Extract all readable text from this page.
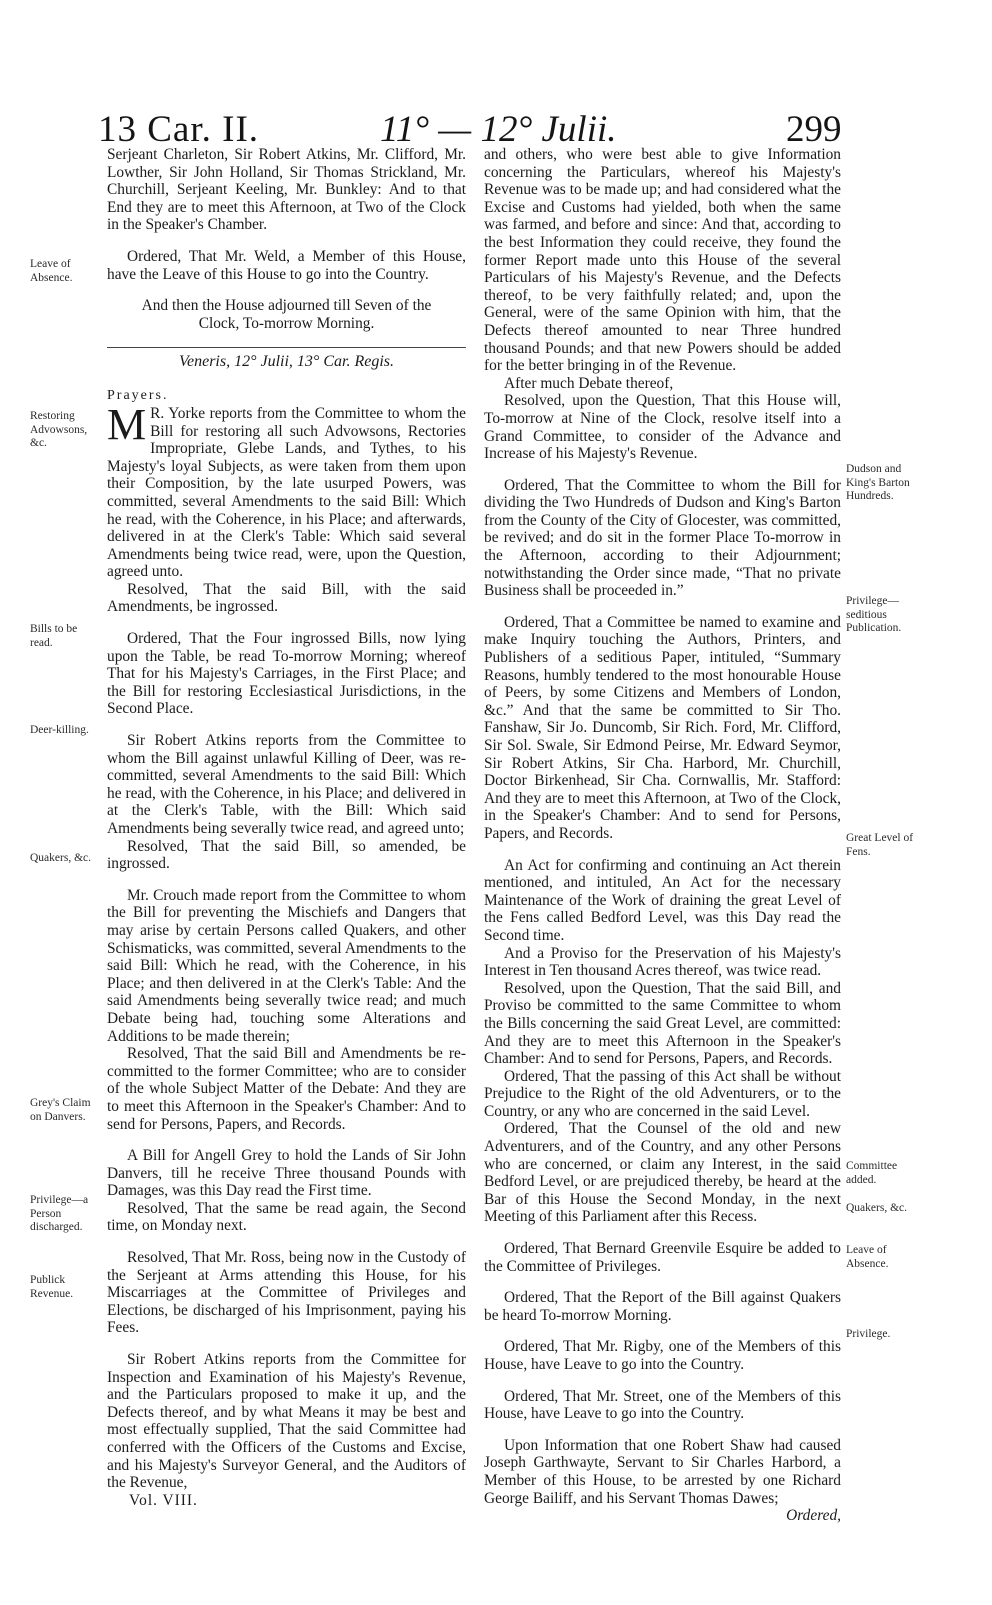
13 Car. II.	11° — 12° Julii.	299

Serjeant Charleton, Sir Robert Atkins, Mr. Clifford, Mr. Lowther, Sir John Holland, Sir Thomas Strickland, Mr. Churchill, Serjeant Keeling, Mr. Bunkley: And to that End they are to meet this Afternoon, at Two of the Clock in the Speaker's Chamber.

Ordered, That Mr. Weld, a Member of this House, have the Leave of this House to go into the Country.

And then the House adjourned till Seven of the Clock, To-morrow Morning.

Veneris, 12° Julii, 13° Car. Regis.

Prayers.

M R. Yorke reports from the Committee to whom the Bill for restoring all such Advowsons, Rectories Impropriate, Glebe Lands, and Tythes, to his Majesty's loyal Subjects, as were taken from them upon their Composition, by the late usurped Powers, was committed, several Amendments to the said Bill: Which he read, with the Coherence, in his Place; and afterwards, delivered in at the Clerk's Table: Which said several Amendments being twice read, were, upon the Question, agreed unto.

Resolved, That the said Bill, with the said Amendments, be ingrossed.

Ordered, That the Four ingrossed Bills, now lying upon the Table, be read To-morrow Morning; whereof That for his Majesty's Carriages, in the First Place; and the Bill for restoring Ecclesiastical Jurisdictions, in the Second Place.

Sir Robert Atkins reports from the Committee to whom the Bill against unlawful Killing of Deer, was re-committed, several Amendments to the said Bill: Which he read, with the Coherence, in his Place; and delivered in at the Clerk's Table, with the Bill: Which said Amendments being severally twice read, and agreed unto;

Resolved, That the said Bill, so amended, be ingrossed.

Mr. Crouch made report from the Committee to whom the Bill for preventing the Mischiefs and Dangers that may arise by certain Persons called Quakers, and other Schismaticks, was committed, several Amendments to the said Bill: Which he read, with the Coherence, in his Place; and then delivered in at the Clerk's Table: And the said Amendments being severally twice read; and much Debate being had, touching some Alterations and Additions to be made therein;

Resolved, That the said Bill and Amendments be re-committed to the former Committee; who are to consider of the whole Subject Matter of the Debate: And they are to meet this Afternoon in the Speaker's Chamber: And to send for Persons, Papers, and Records.

A Bill for Angell Grey to hold the Lands of Sir John Danvers, till he receive Three thousand Pounds with Damages, was this Day read the First time.

Resolved, That the same be read again, the Second time, on Monday next.

Resolved, That Mr. Ross, being now in the Custody of the Serjeant at Arms attending this House, for his Miscarriages at the Committee of Privileges and Elections, be discharged of his Imprisonment, paying his Fees.

Sir Robert Atkins reports from the Committee for Inspection and Examination of his Majesty's Revenue, and the Particulars proposed to make it up, and the Defects thereof, and by what Means it may be best and most effectually supplied, That the said Committee had conferred with the Officers of the Customs and Excise, and his Majesty's Surveyor General, and the Auditors of the Revenue,

Vol. VIII.

and others, who were best able to give Information concerning the Particulars, whereof his Majesty's Revenue was to be made up; and had considered what the Excise and Customs had yielded, both when the same was farmed, and before and since: And that, according to the best Information they could receive, they found the former Report made unto this House of the several Particulars of his Majesty's Revenue, and the Defects thereof, to be very faithfully related; and, upon the General, were of the same Opinion with him, that the Defects thereof amounted to near Three hundred thousand Pounds; and that new Powers should be added for the better bringing in of the Revenue.

After much Debate thereof,

Resolved, upon the Question, That this House will, To-morrow at Nine of the Clock, resolve itself into a Grand Committee, to consider of the Advance and Increase of his Majesty's Revenue.

Ordered, That the Committee to whom the Bill for dividing the Two Hundreds of Dudson and King's Barton from the County of the City of Glocester, was committed, be revived; and do sit in the former Place To-morrow in the Afternoon, according to their Adjournment; notwithstanding the Order since made, “That no private Business shall be proceeded in.”

Ordered, That a Committee be named to examine and make Inquiry touching the Authors, Printers, and Publishers of a seditious Paper, intituled, “Summary Reasons, humbly tendered to the most honourable House of Peers, by some Citizens and Members of London, &c.” And that the same be committed to Sir Tho. Fanshaw, Sir Jo. Duncomb, Sir Rich. Ford, Mr. Clifford, Sir Sol. Swale, Sir Edmond Peirse, Mr. Edward Seymor, Sir Robert Atkins, Sir Cha. Harbord, Mr. Churchill, Doctor Birkenhead, Sir Cha. Cornwallis, Mr. Stafford: And they are to meet this Afternoon, at Two of the Clock, in the Speaker's Chamber: And to send for Persons, Papers, and Records.

An Act for confirming and continuing an Act therein mentioned, and intituled, An Act for the necessary Maintenance of the Work of draining the great Level of the Fens called Bedford Level, was this Day read the Second time.

And a Proviso for the Preservation of his Majesty's Interest in Ten thousand Acres thereof, was twice read.

Resolved, upon the Question, That the said Bill, and Proviso be committed to the same Committee to whom the Bills concerning the said Great Level, are committed: And they are to meet this Afternoon in the Speaker's Chamber: And to send for Persons, Papers, and Records.

Ordered, That the passing of this Act shall be without Prejudice to the Right of the old Adventurers, or to the Country, or any who are concerned in the said Level.

Ordered, That the Counsel of the old and new Adventurers, and of the Country, and any other Persons who are concerned, or claim any Interest, in the said Bedford Level, or are prejudiced thereby, be heard at the Bar of this House the Second Monday, in the next Meeting of this Parliament after this Recess.

Ordered, That Bernard Greenvile Esquire be added to the Committee of Privileges.

Ordered, That the Report of the Bill against Quakers be heard To-morrow Morning.

Ordered, That Mr. Rigby, one of the Members of this House, have Leave to go into the Country.

Ordered, That Mr. Street, one of the Members of this House, have Leave to go into the Country.

Upon Information that one Robert Shaw had caused Joseph Garthwayte, Servant to Sir Charles Harbord, a Member of this House, to be arrested by one Richard George Bailiff, and his Servant Thomas Dawes;

Ordered,

Leave of Absence.
Restoring Advowsons, &c.
Bills to be read.
Deer-killing.
Quakers, &c.
Grey's Claim on Danvers.
Privilege—a Person discharged.
Publick Revenue.
Dudson and King's Barton Hundreds.
Privilege—seditious Publication.
Great Level of Fens.
Committee added.
Quakers, &c.
Leave of Absence.
Privilege.
